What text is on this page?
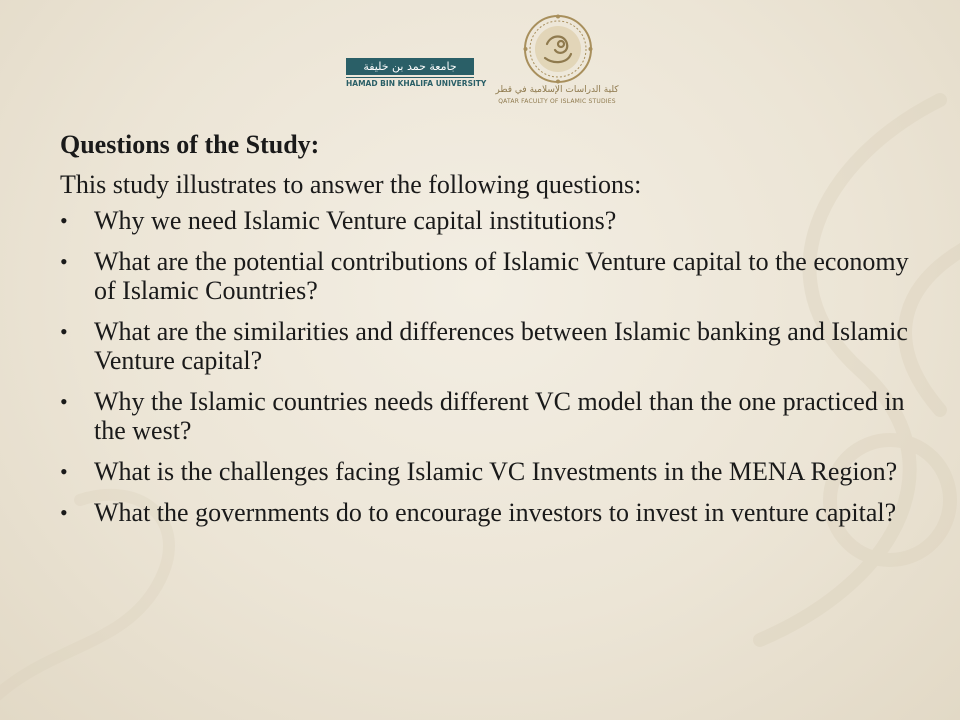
جامعة حمد بن خليفة
HAMAD BIN KHALIFA UNIVERSITY
كلية الدراسات الإسلامية في قطر
QATAR FACULTY OF ISLAMIC STUDIES

Questions of the Study:

This study illustrates to answer the following questions:

•	Why we need Islamic Venture capital institutions?
•	What are the potential contributions of Islamic Venture capital to the economy of Islamic Countries?
•	What are the similarities and differences between Islamic banking and Islamic Venture capital?
•	Why the Islamic countries needs different VC model than the one practiced in the west?
•	What is the challenges facing Islamic VC Investments in the MENA Region?
•	What the governments do to encourage investors to invest in venture capital?
